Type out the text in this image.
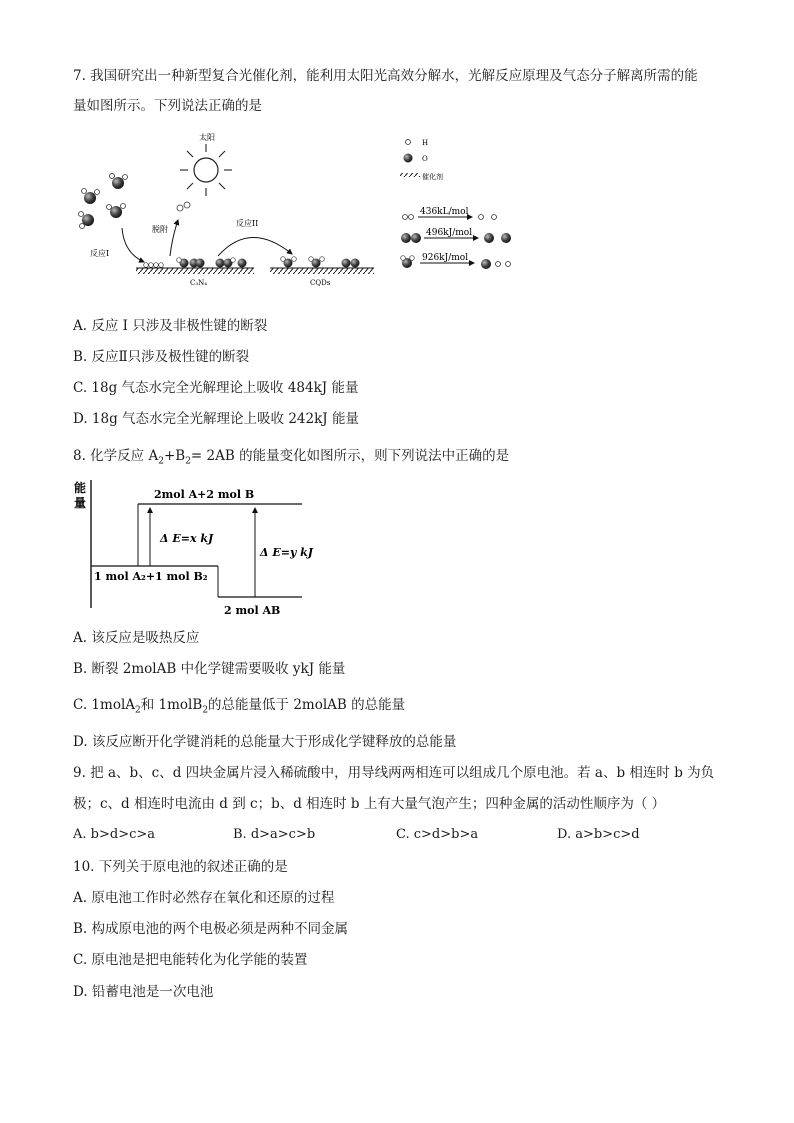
7. 我国研究出一种新型复合光催化剂，能利用太阳光高效分解水，光解反应原理及气态分子解离所需的能
量如图所示。下列说法正确的是
太阳
反应I
脱附
反应II
C₃N₄	CQDs
H
O
催化剂
436kL/mol
496kJ/mol
926kJ/mol
A. 反应 I 只涉及非极性键的断裂
B. 反应Ⅱ只涉及极性键的断裂
C. 18g 气态水完全光解理论上吸收 484kJ 能量
D. 18g 气态水完全光解理论上吸收 242kJ 能量
8. 化学反应 $A_2+B_2= 2AB$ 的能量变化如图所示，则下列说法中正确的是
能
量
2mol A+2 mol B
1 mol A₂+1 mol B₂
2 mol AB
Δ E=x kJ
Δ E=y kJ
A. 该反应是吸热反应
B. 断裂 2molAB 中化学键需要吸收 ykJ 能量
C. 1molA$_2$和 1molB$_2$的总能量低于 2molAB 的总能量
D. 该反应断开化学键消耗的总能量大于形成化学键释放的总能量
9. 把 a、b、c、d 四块金属片浸入稀硫酸中，用导线两两相连可以组成几个原电池。若 a、b 相连时 b 为负
极；c、d 相连时电流由 d 到 c；b、d 相连时 b 上有大量气泡产生；四种金属的活动性顺序为（ ）
A. b>d>c>a	B. d>a>c>b	C. c>d>b>a	D. a>b>c>d
10. 下列关于原电池的叙述正确的是
A. 原电池工作时必然存在氧化和还原的过程
B. 构成原电池的两个电极必须是两种不同金属
C. 原电池是把电能转化为化学能的装置
D. 铅蓄电池是一次电池
